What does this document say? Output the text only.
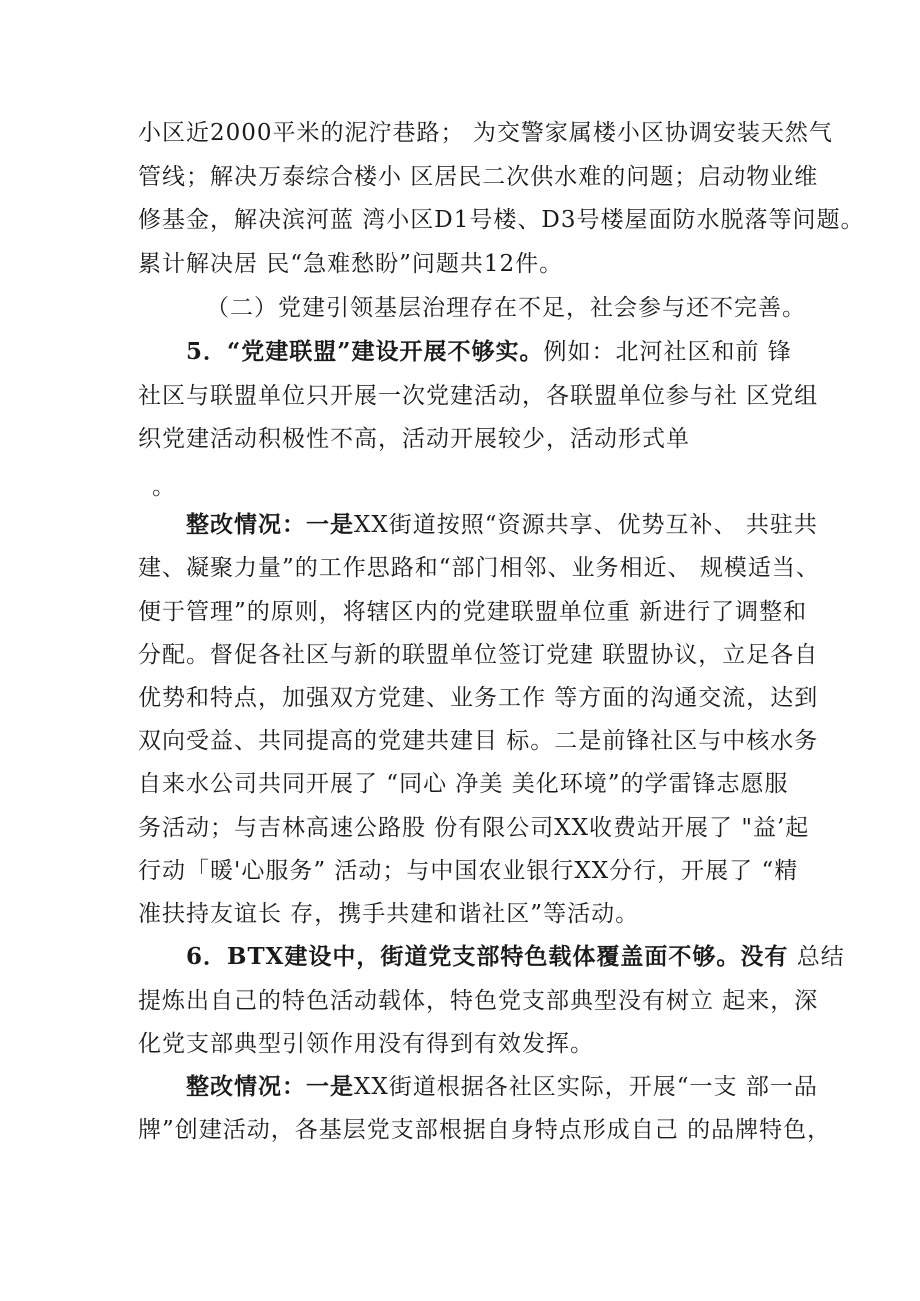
小区近2000平米的泥泞巷路； 为交警家属楼小区协调安装天然气
管线；解决万泰综合楼小 区居民二次供水难的问题；启动物业维
修基金，解决滨河蓝 湾小区D1号楼、D3号楼屋面防水脱落等问题。
累计解决居 民“急难愁盼”问题共12件。
（二）党建引领基层治理存在不足，社会参与还不完善。
5．“党建联盟”建设开展不够实。例如：北河社区和前 锋
社区与联盟单位只开展一次党建活动，各联盟单位参与社 区党组
织党建活动积极性不高，活动开展较少，活动形式单
。
整改情况：一是XX街道按照“资源共享、优势互补、 共驻共
建、凝聚力量”的工作思路和“部门相邻、业务相近、 规模适当、
便于管理”的原则，将辖区内的党建联盟单位重 新进行了调整和
分配。督促各社区与新的联盟单位签订党建 联盟协议，立足各自
优势和特点，加强双方党建、业务工作 等方面的沟通交流，达到
双向受益、共同提高的党建共建目 标。二是前锋社区与中核水务
自来水公司共同开展了 “同心 净美 美化环境”的学雷锋志愿服
务活动；与吉林高速公路股 份有限公司XX收费站开展了 "益’起
行动「暖'心服务” 活动；与中国农业银行XX分行，开展了 “精
准扶持友谊长 存，携手共建和谐社区”等活动。
6．BTX建设中，街道党支部特色载体覆盖面不够。没有 总结
提炼出自己的特色活动载体，特色党支部典型没有树立 起来，深
化党支部典型引领作用没有得到有效发挥。
整改情况：一是XX街道根据各社区实际，开展“一支 部一品
牌”创建活动，各基层党支部根据自身特点形成自己 的品牌特色，
